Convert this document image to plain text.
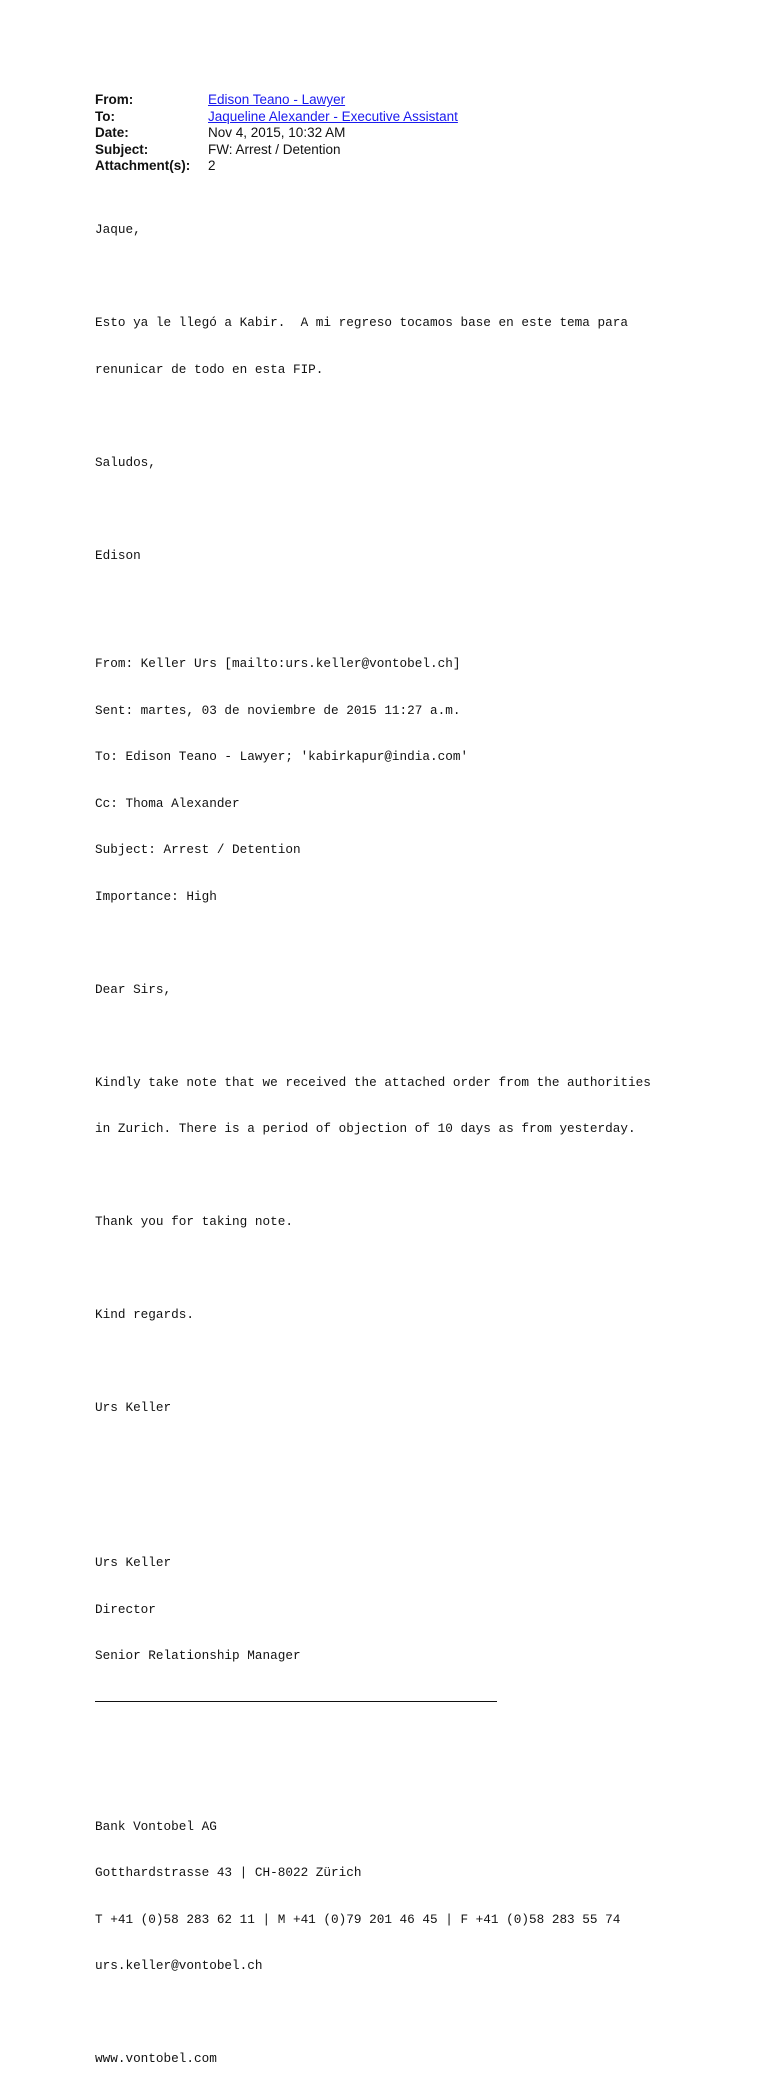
From:	Edison Teano - Lawyer
To:	Jaqueline Alexander - Executive Assistant
Date:	Nov 4, 2015, 10:32 AM
Subject:	FW: Arrest / Detention
Attachment(s): 2

Jaque,

Esto ya le llegó a Kabir.  A mi regreso tocamos base en este tema para

renunicar de todo en esta FIP.

Saludos,

Edison

From: Keller Urs [mailto:urs.keller@vontobel.ch]

Sent: martes, 03 de noviembre de 2015 11:27 a.m.

To: Edison Teano - Lawyer; 'kabirkapur@india.com'

Cc: Thoma Alexander

Subject: Arrest / Detention

Importance: High

Dear Sirs,

Kindly take note that we received the attached order from the authorities

in Zurich. There is a period of objection of 10 days as from yesterday.

Thank you for taking note.

Kind regards.

Urs Keller

Urs Keller

Director

Senior Relationship Manager

Bank Vontobel AG

Gotthardstrasse 43 | CH-8022 Zürich

T +41 (0)58 283 62 11 | M +41 (0)79 201 46 45 | F +41 (0)58 283 55 74

urs.keller@vontobel.ch

www.vontobel.com
